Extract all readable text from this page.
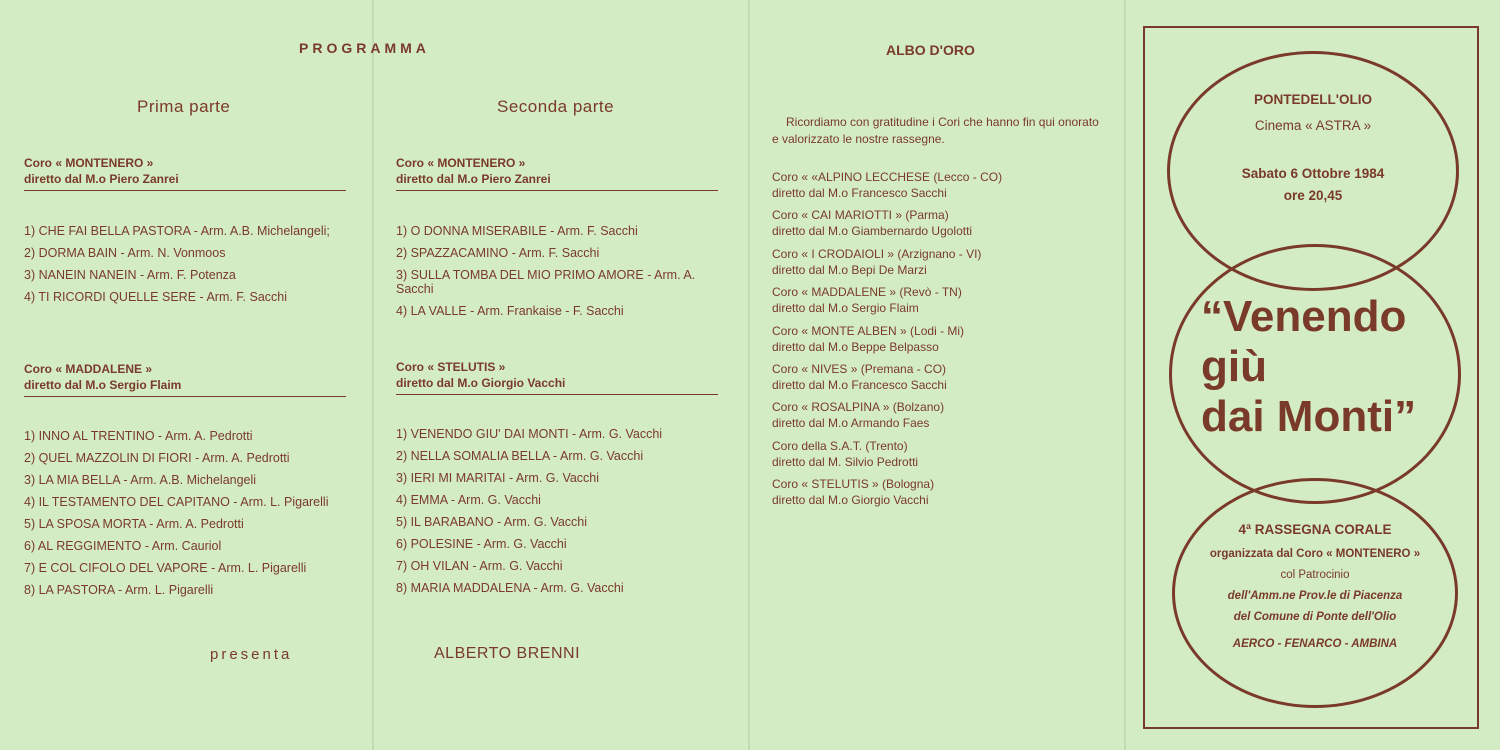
PROGRAMMA
Prima parte
Coro « MONTENERO »
diretto dal M.o Piero Zanrei
1) CHE FAI BELLA PASTORA - Arm. A.B. Michelangeli;
2) DORMA BAIN - Arm. N. Vonmoos
3) NANEIN NANEIN - Arm. F. Potenza
4) TI RICORDI QUELLE SERE - Arm. F. Sacchi
Coro « MADDALENE »
diretto dal M.o Sergio Flaim
1) INNO AL TRENTINO - Arm. A. Pedrotti
2) QUEL MAZZOLIN DI FIORI - Arm. A. Pedrotti
3) LA MIA BELLA - Arm. A.B. Michelangeli
4) IL TESTAMENTO DEL CAPITANO - Arm. L. Pigarelli
5) LA SPOSA MORTA - Arm. A. Pedrotti
6) AL REGGIMENTO - Arm. Cauriol
7) E COL CIFOLO DEL VAPORE - Arm. L. Pigarelli
8) LA PASTORA - Arm. L. Pigarelli
presenta
Seconda parte
Coro « MONTENERO »
diretto dal M.o Piero Zanrei
1) O DONNA MISERABILE - Arm. F. Sacchi
2) SPAZZACAMINO - Arm. F. Sacchi
3) SULLA TOMBA DEL MIO PRIMO AMORE - Arm. A. Sacchi
4) LA VALLE - Arm. Frankaise - F. Sacchi
Coro « STELUTIS »
diretto dal M.o Giorgio Vacchi
1) VENENDO GIU' DAI MONTI - Arm. G. Vacchi
2) NELLA SOMALIA BELLA - Arm. G. Vacchi
3) IERI MI MARITAI - Arm. G. Vacchi
4) EMMA - Arm. G. Vacchi
5) IL BARABANO - Arm. G. Vacchi
6) POLESINE - Arm. G. Vacchi
7) OH VILAN - Arm. G. Vacchi
8) MARIA MADDALENA - Arm. G. Vacchi
ALBERTO BRENNI
ALBO D'ORO
Ricordiamo con gratitudine i Cori che hanno fin qui onorato e valorizzato le nostre rassegne.
Coro « «ALPINO LECCHESE (Lecco - CO)
diretto dal M.o Francesco Sacchi
Coro « CAI MARIOTTI » (Parma)
diretto dal M.o Giambernardo Ugolotti
Coro « I CRODAIOLI » (Arzignano - VI)
diretto dal M.o Bepi De Marzi
Coro « MADDALENE » (Revò - TN)
diretto dal M.o Sergio Flaim
Coro « MONTE ALBEN » (Lodi - Mi)
diretto dal M.o Beppe Belpasso
Coro « NIVES » (Premana - CO)
diretto dal M.o Francesco Sacchi
Coro « ROSALPINA » (Bolzano)
diretto dal M.o Armando Faes
Coro della S.A.T. (Trento)
diretto dal M. Silvio Pedrotti
Coro « STELUTIS » (Bologna)
diretto dal M.o Giorgio Vacchi
PONTEDELL'OLIO
Cinema « ASTRA »
Sabato 6 Ottobre 1984
ore 20,45
“Venendo
giù
dai Monti”
4ª RASSEGNA CORALE
organizzata dal Coro « MONTENERO »
col Patrocinio
dell'Amm.ne Prov.le di Piacenza
del Comune di Ponte dell'Olio
AERCO - FENARCO - AMBINA
